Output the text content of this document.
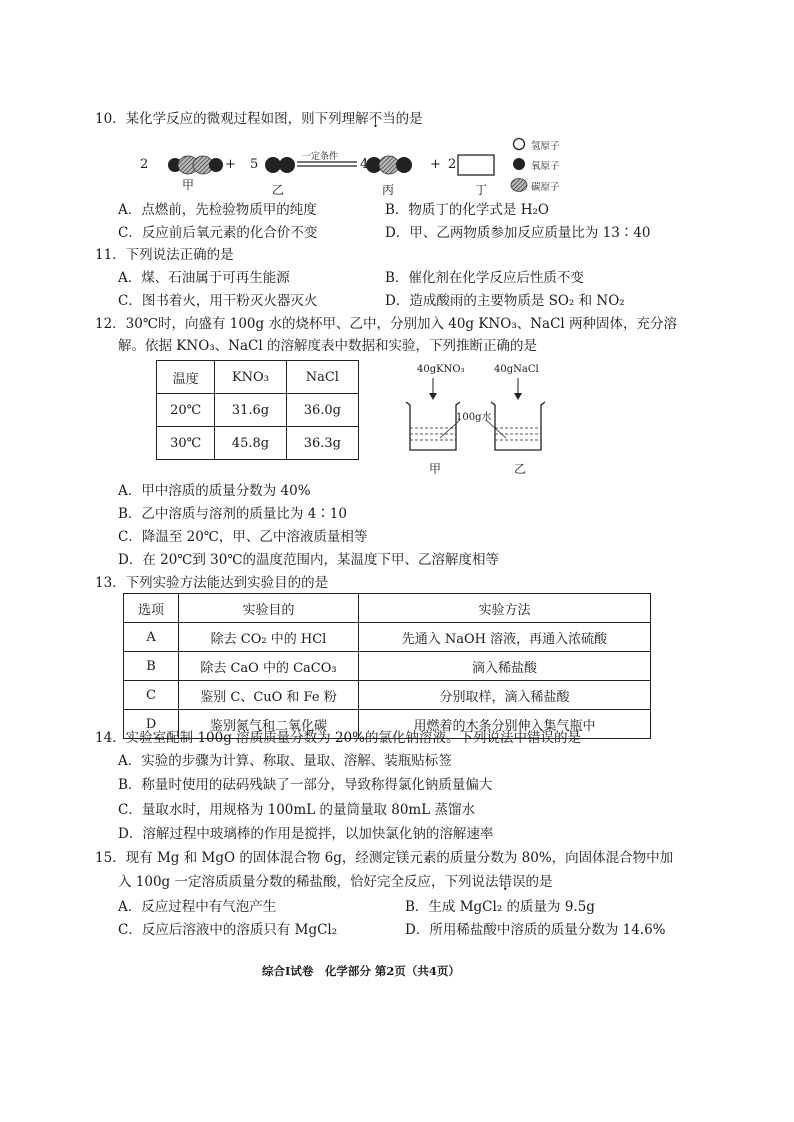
10．某化学反应的微观过程如图，则下列理解不当的是
2	+ 5	一定条件 4	+ 2
甲	乙	丙	丁
氢原子
氧原子
碳原子
A．点燃前，先检验物质甲的纯度	B．物质丁的化学式是 H₂O
C．反应前后氧元素的化合价不变	D．甲、乙两物质参加反应质量比为 13∶40
11．下列说法正确的是
A．煤、石油属于可再生能源	B．催化剂在化学反应后性质不变
C．图书着火，用干粉灭火器灭火	D．造成酸雨的主要物质是 SO₂ 和 NO₂
12．30℃时，向盛有 100g 水的烧杯甲、乙中，分别加入 40g KNO₃、NaCl 两种固体，充分溶
解。依据 KNO₃、NaCl 的溶解度表中数据和实验，下列推断正确的是
温度	KNO₃	NaCl
20℃	31.6g	36.0g
30℃	45.8g	36.3g
40gKNO₃	40gNaCl
100g水
甲	乙
A．甲中溶质的质量分数为 40%
B．乙中溶质与溶剂的质量比为 4∶10
C．降温至 20℃，甲、乙中溶液质量相等
D．在 20℃到 30℃的温度范围内，某温度下甲、乙溶解度相等
13．下列实验方法能达到实验目的的是
选项	实验目的	实验方法
A	除去 CO₂ 中的 HCl	先通入 NaOH 溶液，再通入浓硫酸
B	除去 CaO 中的 CaCO₃	滴入稀盐酸
C	鉴别 C、CuO 和 Fe 粉	分别取样，滴入稀盐酸
D	鉴别氮气和二氧化碳	用燃着的木条分别伸入集气瓶中
14．实验室配制 100g 溶质质量分数为 20%的氯化钠溶液。下列说法中错误的是
A．实验的步骤为计算、称取、量取、溶解、装瓶贴标签
B．称量时使用的砝码残缺了一部分，导致称得氯化钠质量偏大
C．量取水时，用规格为 100mL 的量筒量取 80mL 蒸馏水
D．溶解过程中玻璃棒的作用是搅拌，以加快氯化钠的溶解速率
15．现有 Mg 和 MgO 的固体混合物 6g，经测定镁元素的质量分数为 80%，向固体混合物中加
入 100g 一定溶质质量分数的稀盐酸，恰好完全反应，下列说法错误的是
A．反应过程中有气泡产生	B．生成 MgCl₂ 的质量为 9.5g
C．反应后溶液中的溶质只有 MgCl₂	D．所用稀盐酸中溶质的质量分数为 14.6%
综合Ⅰ试卷　化学部分 第2页（共4页）
